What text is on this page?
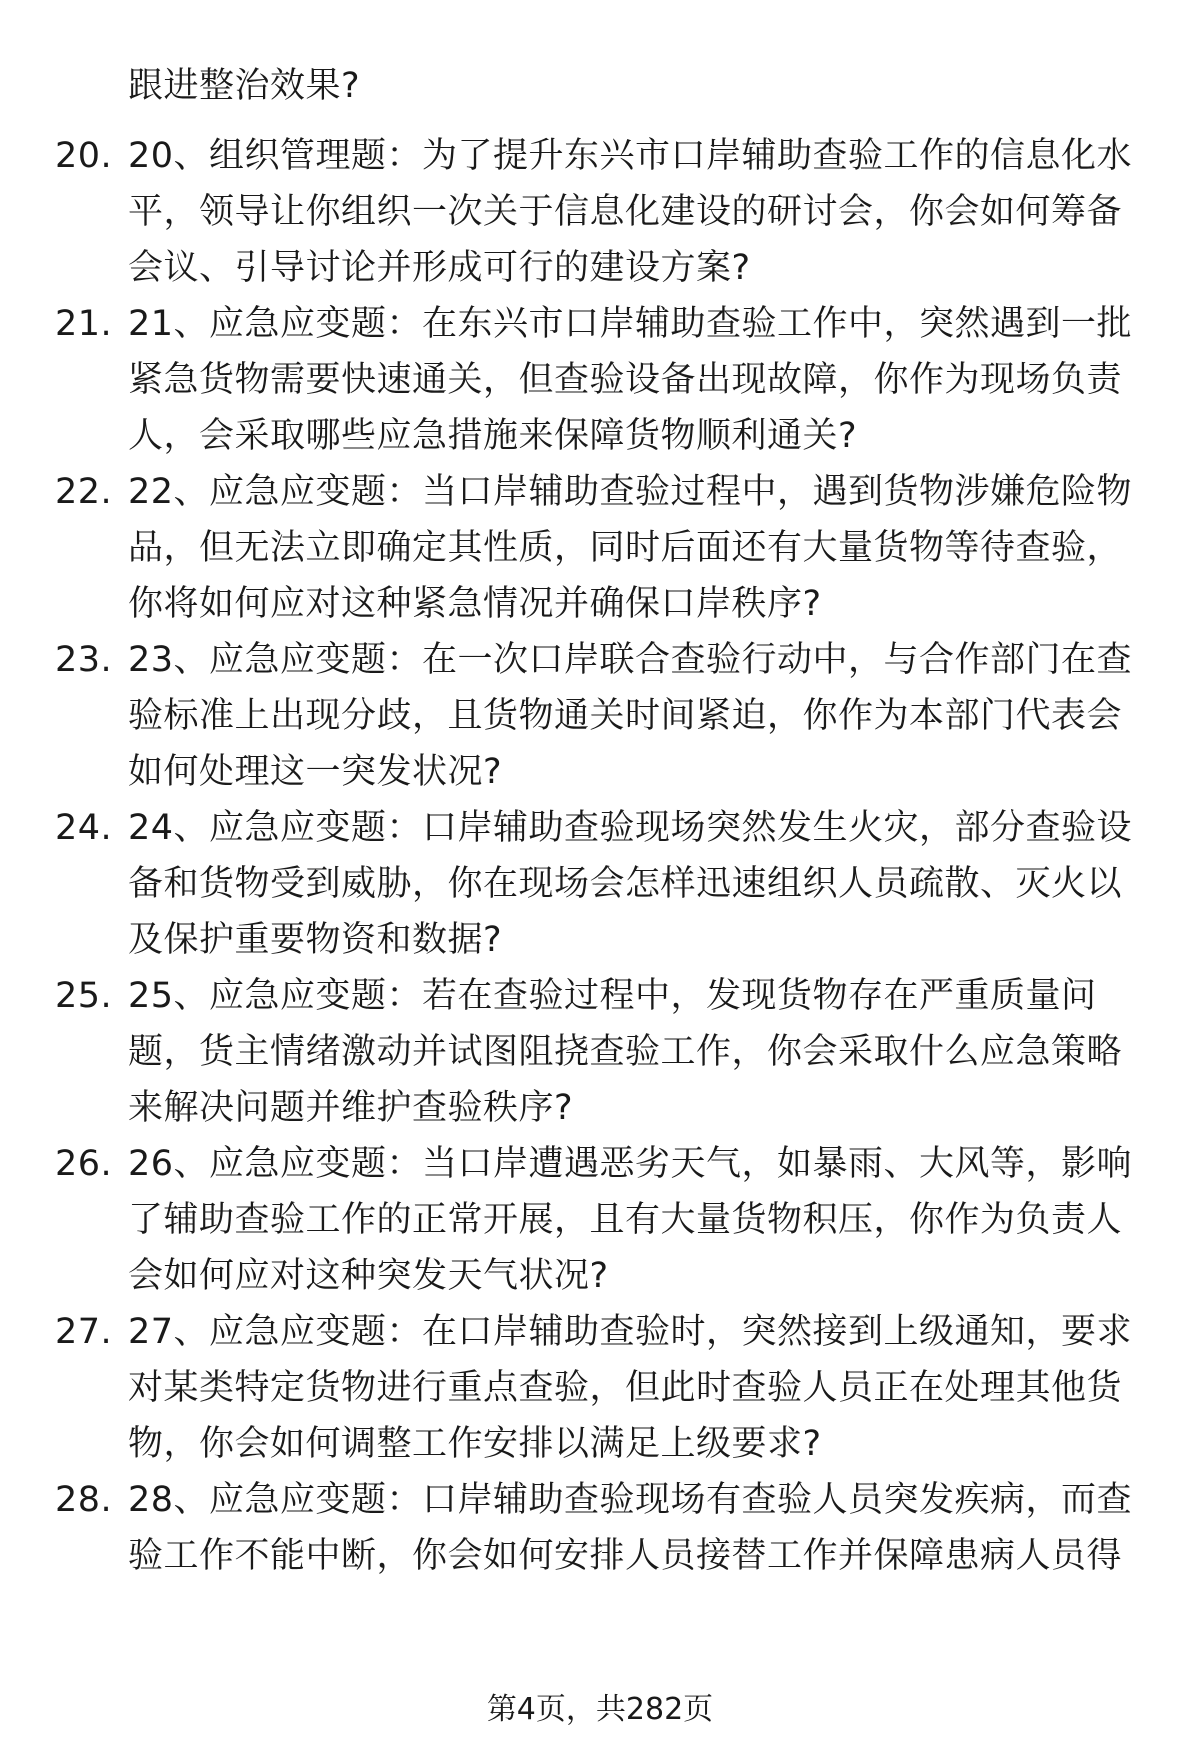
跟进整治效果?
20. 20、组织管理题：为了提升东兴市口岸辅助查验工作的信息化水平，领导让你组织一次关于信息化建设的研讨会，你会如何筹备会议、引导讨论并形成可行的建设方案?
21. 21、应急应变题：在东兴市口岸辅助查验工作中，突然遇到一批紧急货物需要快速通关，但查验设备出现故障，你作为现场负责人，会采取哪些应急措施来保障货物顺利通关?
22. 22、应急应变题：当口岸辅助查验过程中，遇到货物涉嫌危险物品，但无法立即确定其性质，同时后面还有大量货物等待查验，你将如何应对这种紧急情况并确保口岸秩序?
23. 23、应急应变题：在一次口岸联合查验行动中，与合作部门在查验标准上出现分歧，且货物通关时间紧迫，你作为本部门代表会如何处理这一突发状况?
24. 24、应急应变题：口岸辅助查验现场突然发生火灾，部分查验设备和货物受到威胁，你在现场会怎样迅速组织人员疏散、灭火以及保护重要物资和数据?
25. 25、应急应变题：若在查验过程中，发现货物存在严重质量问题，货主情绪激动并试图阻挠查验工作，你会采取什么应急策略来解决问题并维护查验秩序?
26. 26、应急应变题：当口岸遭遇恶劣天气，如暴雨、大风等，影响了辅助查验工作的正常开展，且有大量货物积压，你作为负责人会如何应对这种突发天气状况?
27. 27、应急应变题：在口岸辅助查验时，突然接到上级通知，要求对某类特定货物进行重点查验，但此时查验人员正在处理其他货物，你会如何调整工作安排以满足上级要求?
28. 28、应急应变题：口岸辅助查验现场有查验人员突发疾病，而查验工作不能中断，你会如何安排人员接替工作并保障患病人员得
第4页，共282页
